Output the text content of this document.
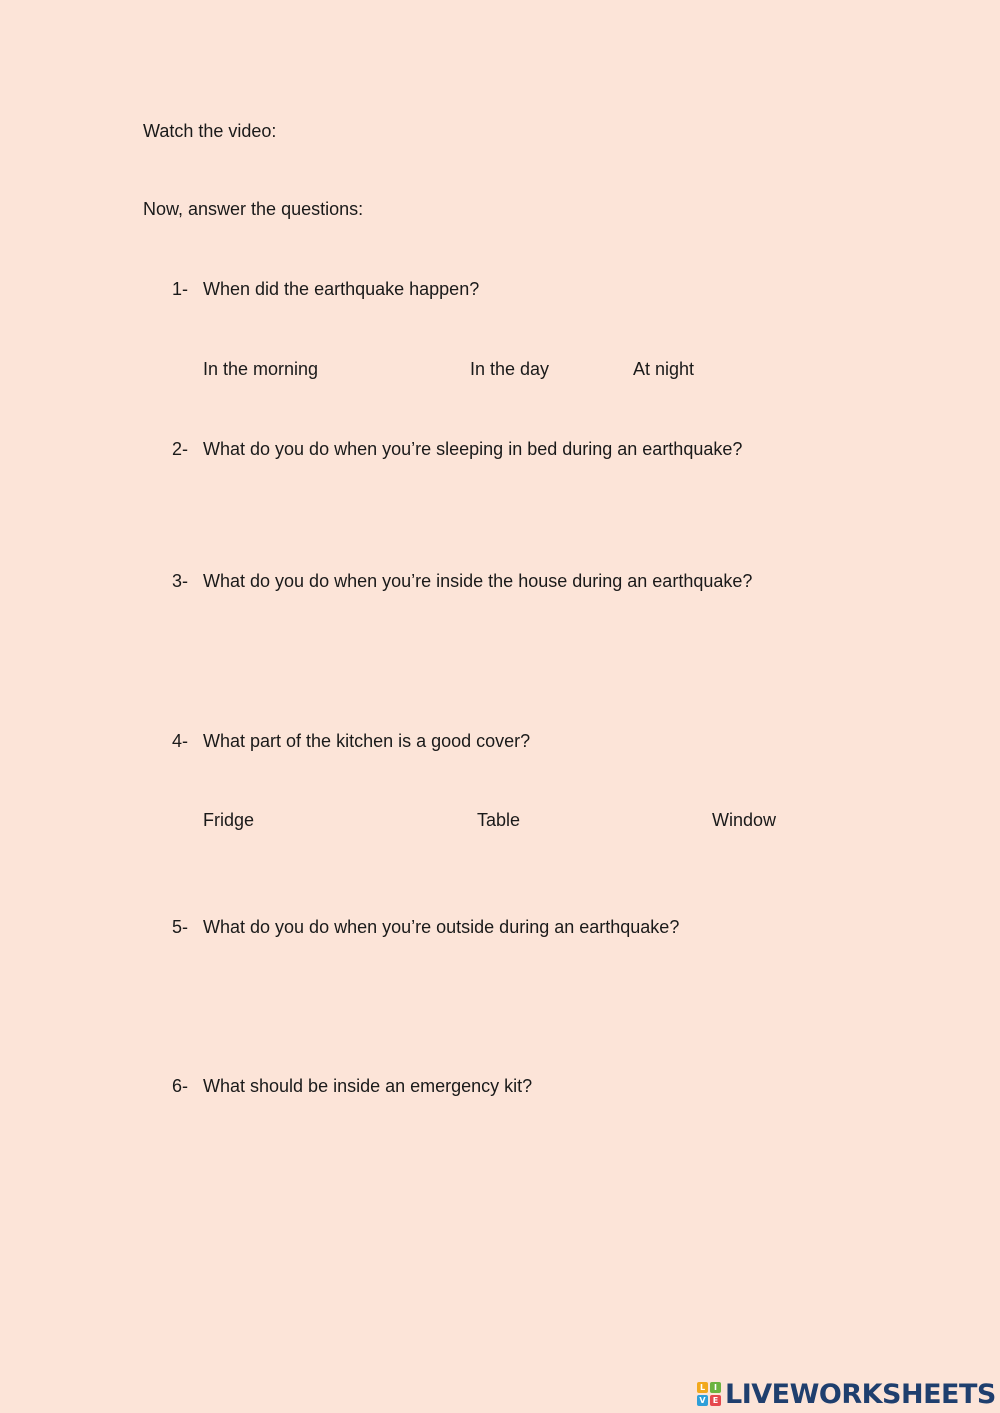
Watch the video:
Now, answer the questions:
1- When did the earthquake happen?
In the morning	In the day	At night
2- What do you do when you’re sleeping in bed during an earthquake?
3- What do you do when you’re inside the house during an earthquake?
4- What part of the kitchen is a good cover?
Fridge	Table	Window
5- What do you do when you’re outside during an earthquake?
6- What should be inside an emergency kit?
L	I
V E LIVEWORKSHEETS
